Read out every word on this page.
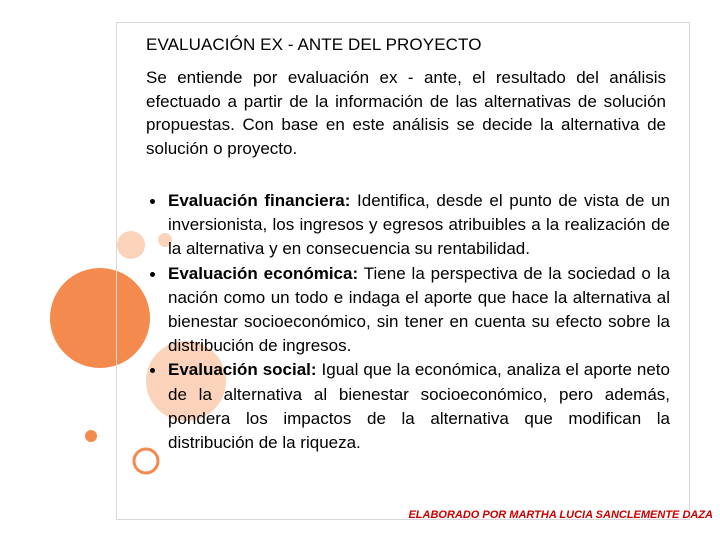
EVALUACIÓN EX - ANTE DEL PROYECTO

Se entiende por evaluación ex - ante, el resultado del análisis efectuado a partir de la información de las alternativas de solución propuestas. Con base en este análisis se decide la alternativa de solución o proyecto.

Evaluación financiera: Identifica, desde el punto de vista de un inversionista, los ingresos y egresos atribuibles a la realización de la alternativa y en consecuencia su rentabilidad.
Evaluación económica: Tiene la perspectiva de la sociedad o la nación como un todo e indaga el aporte que hace la alternativa al bienestar socioeconómico, sin tener en cuenta su efecto sobre la distribución de ingresos.
Evaluación social: Igual que la económica, analiza el aporte neto de la alternativa al bienestar socioeconómico, pero además, pondera los impactos de la alternativa que modifican la distribución de la riqueza.

ELABORADO POR MARTHA LUCIA SANCLEMENTE DAZA
